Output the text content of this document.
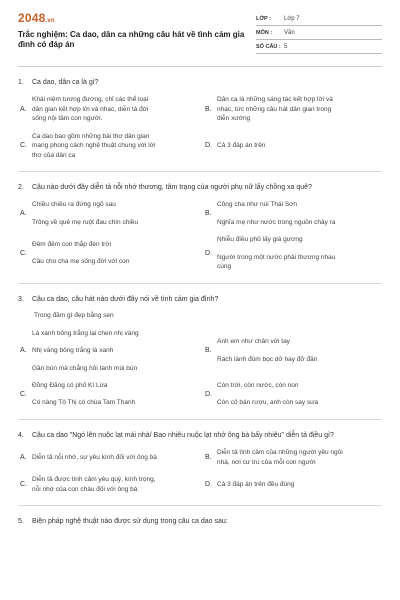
2048.vn
Trắc nghiệm: Ca dao, dân ca những câu hát về tình cảm gia đình có đáp án
LỚP :	Lớp 7
MÔN :	Văn
SỐ CÂU : 5
1.	Ca dao, dân ca là gì?
A.
Khái niệm tương đương, chỉ các thể loại
dân gian kết hợp lời và nhạc, diễn tả đời
sống nội tâm con người.
B.
Dân ca là những sáng tác kết hợp lời và
nhạc, tức những câu hát dân gian trong
diễn xướng
C.
Ca dao bao gồm những bài thơ dân gian
mang phong cách nghệ thuật chung với lời
thơ của dân ca
D. Cả 3 đáp án trên
2.	Câu nào dưới đây diễn tả nỗi nhớ thương, tâm trạng của người phụ nữ lấy chồng xa quê?
A.
Chiều chiều ra đứng ngõ sau
Trông về quê mẹ ruột đau chín chiều
B.
Công cha như núi Thái Sơn
Nghĩa mẹ như nước trong nguồn chảy ra
C.
Đêm đêm con thắp đèn trời
Cầu cho cha mẹ sống đời với con
D.
Nhiễu điều phủ lấy giá gương
Người trong một nước phải thương nhau
cùng
3.	Câu ca dao, câu hát nào dưới đây nói về tình cảm gia đình?
Trong đầm gì đẹp bằng sen
A.
Lá xanh bông trắng lại chen nhị vàng
Nhị vàng bông trắng lá xanh
Gần bùn mà chẳng hôi tanh mùi bùn
B.
Anh em như chân với tay
Rách lành đùm bọc dở hay đỡ đần
C.
Đồng Đăng có phố Kì Lừa
Có nàng Tô Thị có chùa Tam Thanh
D.
Còn trời, còn nước, còn non
Còn cô bán rượu, anh còn say sưa
4.	Câu ca dao "Ngó lên nuộc lạt mái nhà/ Bao nhiêu nuộc lạt nhớ ông bà bấy nhiêu" diễn tả điều gì?
A. Diễn tả nỗi nhớ, sự yêu kính đối với ông bà	B.
Diễn tả tình cảm của những người yêu ngôi
nhà, nơi cư trú của mỗi con người
C.
Diễn tả được tình cảm yêu quý, kính trọng,
nỗi nhớ của con cháu đối với ông bà
D. Cả 3 đáp án trên đều đúng
5.	Biện pháp nghệ thuật nào được sử dụng trong câu ca dao sau:
